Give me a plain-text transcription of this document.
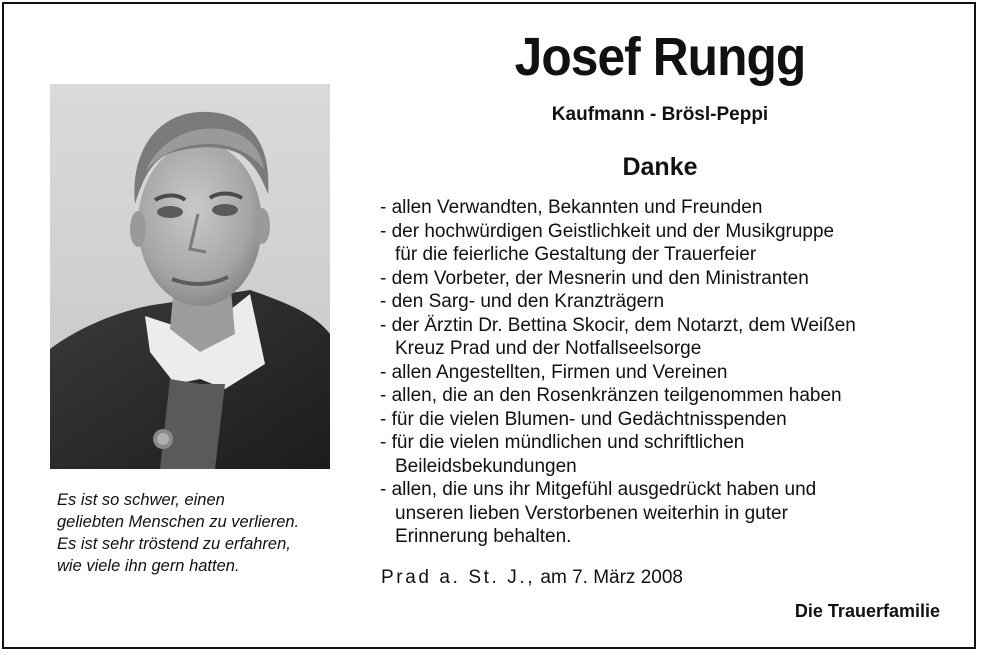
Josef Rungg
Kaufmann - Brösl-Peppi
Danke
- allen Verwandten, Bekannten und Freunden
- der hochwürdigen Geistlichkeit und der Musikgruppe
für die feierliche Gestaltung der Trauerfeier
- dem Vorbeter, der Mesnerin und den Ministranten
- den Sarg- und den Kranzträgern
- der Ärztin Dr. Bettina Skocir, dem Notarzt, dem Weißen
Kreuz Prad und der Notfallseelsorge
- allen Angestellten, Firmen und Vereinen
- allen, die an den Rosenkränzen teilgenommen haben
- für die vielen Blumen- und Gedächtnisspenden
- für die vielen mündlichen und schriftlichen
Beileidsbekundungen
- allen, die uns ihr Mitgefühl ausgedrückt haben und
unseren lieben Verstorbenen weiterhin in guter
Erinnerung behalten.
Es ist so schwer, einen
geliebten Menschen zu verlieren.
Es ist sehr tröstend zu erfahren,
wie viele ihn gern hatten.
Prad a. St. J., am 7. März 2008
Die Trauerfamilie
